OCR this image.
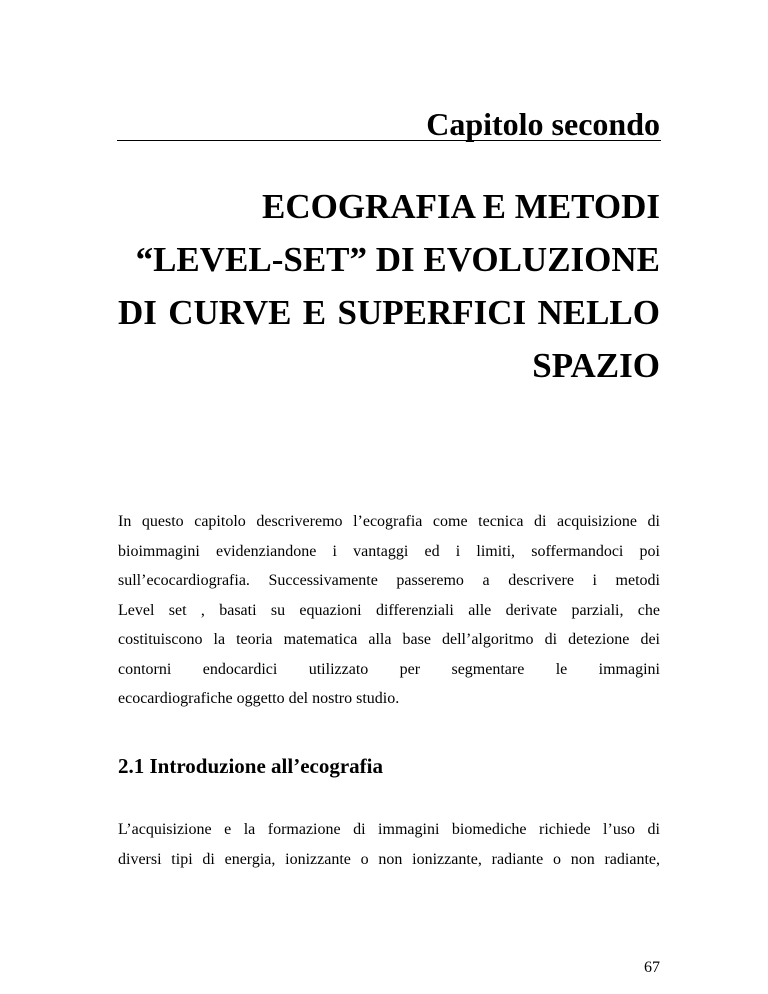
Capitolo secondo
ECOGRAFIA E METODI
“LEVEL-SET” DI EVOLUZIONE
DI CURVE E SUPERFICI NELLO
SPAZIO
In questo capitolo descriveremo l’ecografia come tecnica di acquisizione di
bioimmagini evidenziandone i vantaggi ed i limiti, soffermandoci poi
sull’ecocardiografia. Successivamente passeremo a descrivere i metodi
Level set , basati su equazioni differenziali alle derivate parziali, che
costituiscono la teoria matematica alla base dell’algoritmo di detezione dei
contorni endocardici utilizzato per segmentare le immagini
ecocardiografiche oggetto del nostro studio.
2.1 Introduzione all’ecografia
L’acquisizione e la formazione di immagini biomediche richiede l’uso di
diversi tipi di energia, ionizzante o non ionizzante, radiante o non radiante,
67
